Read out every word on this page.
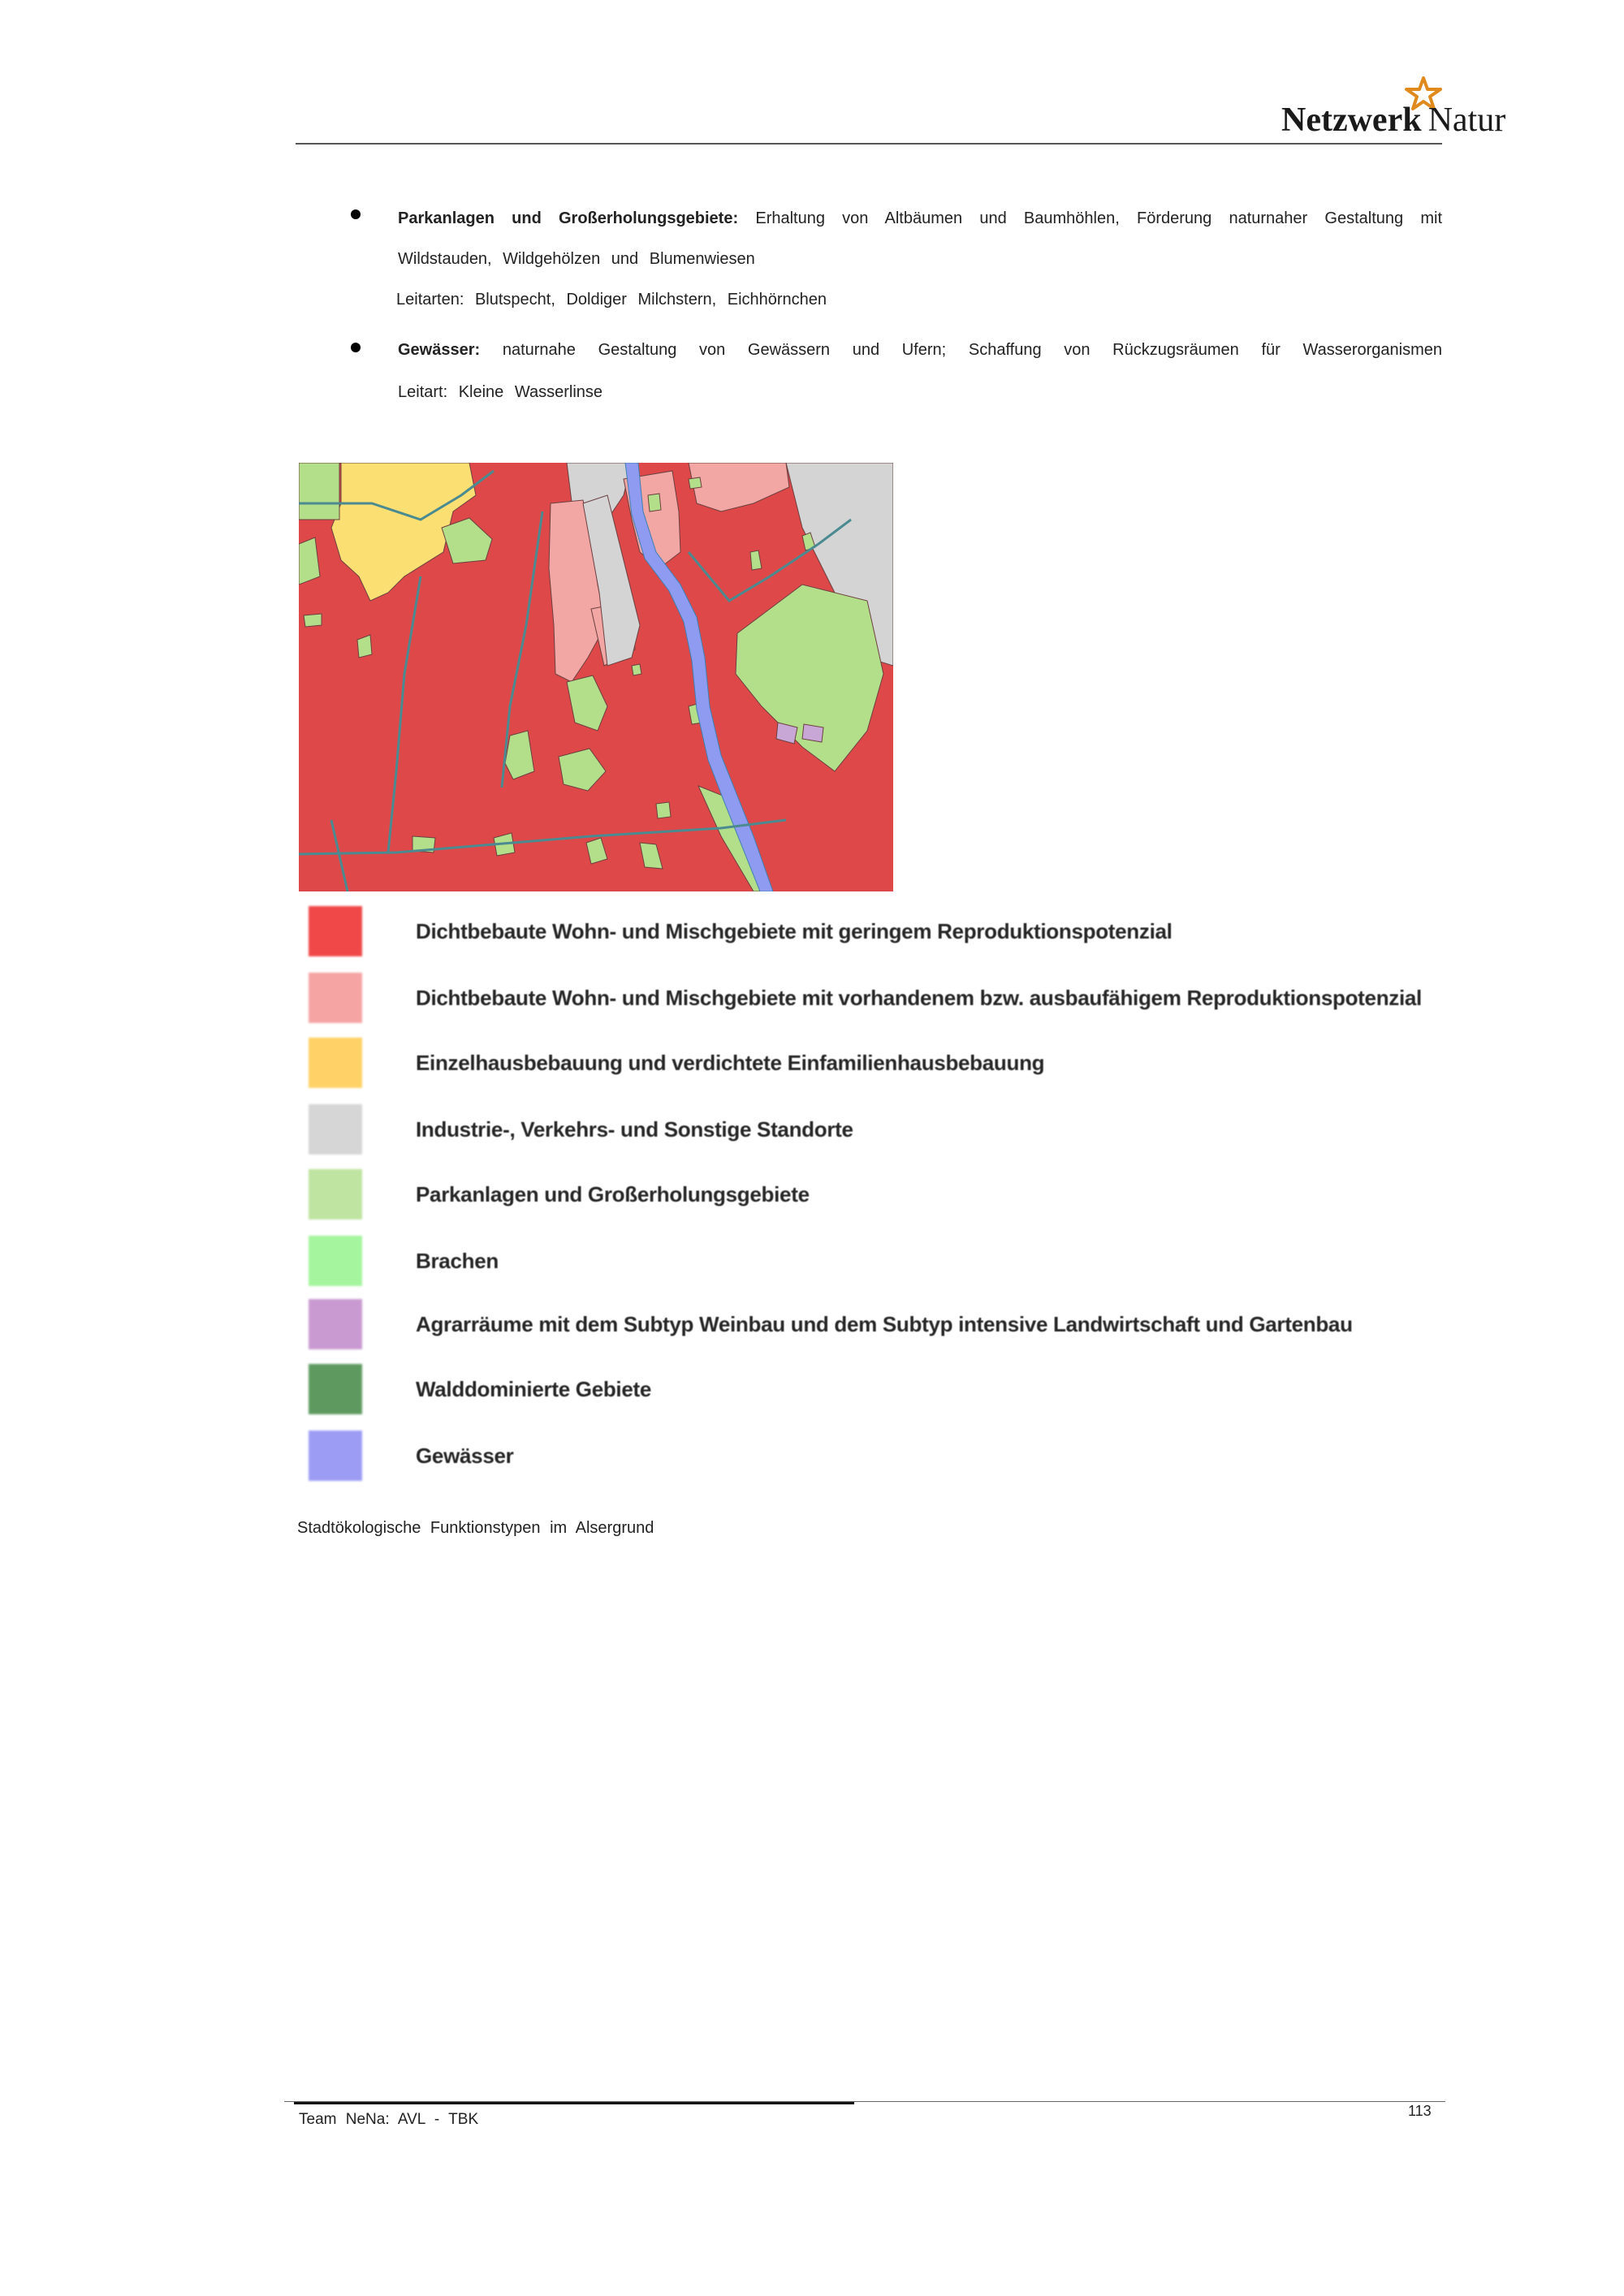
Netzwerk Natur
Parkanlagen und Großerholungsgebiete: Erhaltung von Altbäumen und Baumhöhlen, Förderung naturnaher Gestaltung mit
Wildstauden, Wildgehölzen und Blumenwiesen
Leitarten: Blutspecht, Doldiger Milchstern, Eichhörnchen
Gewässer: naturnahe Gestaltung von Gewässern und Ufern; Schaffung von Rückzugsräumen für Wasserorganismen
Leitart: Kleine Wasserlinse
Dichtbebaute Wohn- und Mischgebiete mit geringem Reproduktionspotenzial
Dichtbebaute Wohn- und Mischgebiete mit vorhandenem bzw. ausbaufähigem Reproduktionspotenzial
Einzelhausbebauung und verdichtete Einfamilienhausbebauung
Industrie-, Verkehrs- und Sonstige Standorte
Parkanlagen und Großerholungsgebiete
Brachen
Agrarräume mit dem Subtyp Weinbau und dem Subtyp intensive Landwirtschaft und Gartenbau
Walddominierte Gebiete
Gewässer
Stadtökologische Funktionstypen im Alsergrund
Team NeNa: AVL - TBK	113
